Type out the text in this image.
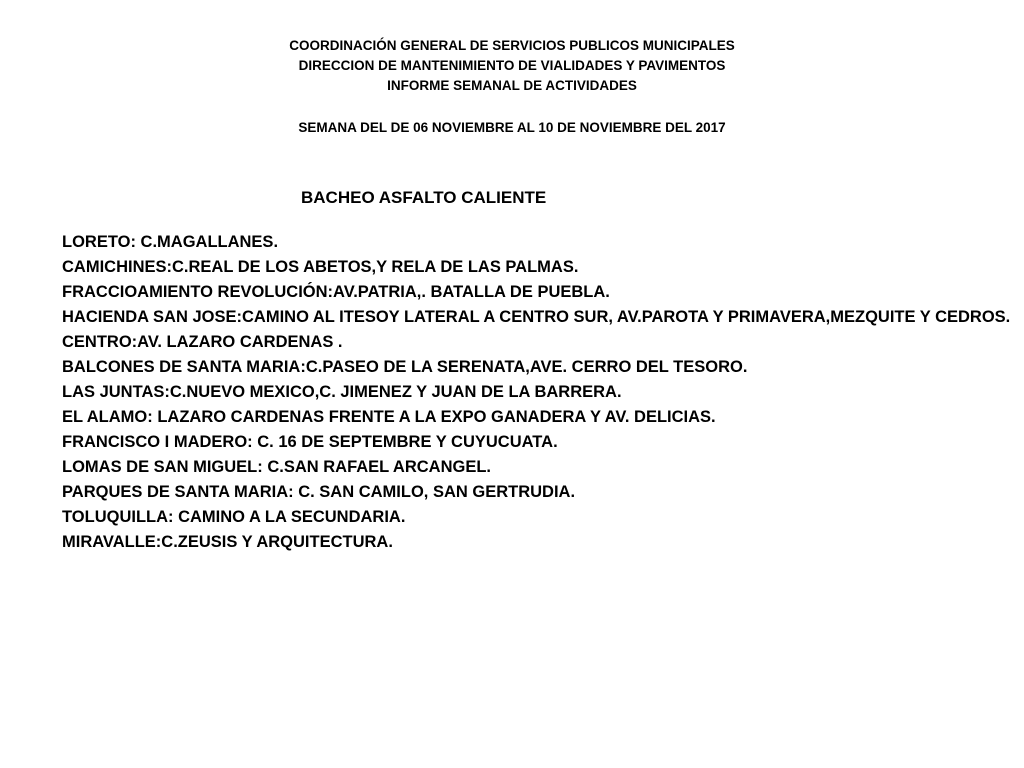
COORDINACIÓN GENERAL DE SERVICIOS PUBLICOS MUNICIPALES
DIRECCION DE MANTENIMIENTO DE VIALIDADES Y PAVIMENTOS
INFORME SEMANAL DE ACTIVIDADES
SEMANA DEL DE 06 NOVIEMBRE AL 10 DE NOVIEMBRE DEL 2017
BACHEO ASFALTO CALIENTE
LORETO: C.MAGALLANES.
CAMICHINES:C.REAL DE LOS ABETOS,Y RELA DE LAS PALMAS.
FRACCIOAMIENTO REVOLUCIÓN:AV.PATRIA,. BATALLA DE PUEBLA.
HACIENDA SAN JOSE:CAMINO AL ITESOY LATERAL A CENTRO SUR, AV.PAROTA Y PRIMAVERA,MEZQUITE Y CEDROS.
CENTRO:AV. LAZARO CARDENAS .
BALCONES DE SANTA MARIA:C.PASEO DE LA SERENATA,AVE. CERRO DEL TESORO.
LAS JUNTAS:C.NUEVO MEXICO,C. JIMENEZ Y JUAN DE LA BARRERA.
EL ALAMO: LAZARO CARDENAS FRENTE A LA EXPO GANADERA Y AV. DELICIAS.
FRANCISCO I MADERO: C. 16 DE SEPTEMBRE Y CUYUCUATA.
LOMAS DE SAN MIGUEL: C.SAN RAFAEL ARCANGEL.
PARQUES DE SANTA MARIA: C. SAN CAMILO, SAN GERTRUDIA.
TOLUQUILLA: CAMINO A LA SECUNDARIA.
MIRAVALLE:C.ZEUSIS Y ARQUITECTURA.
